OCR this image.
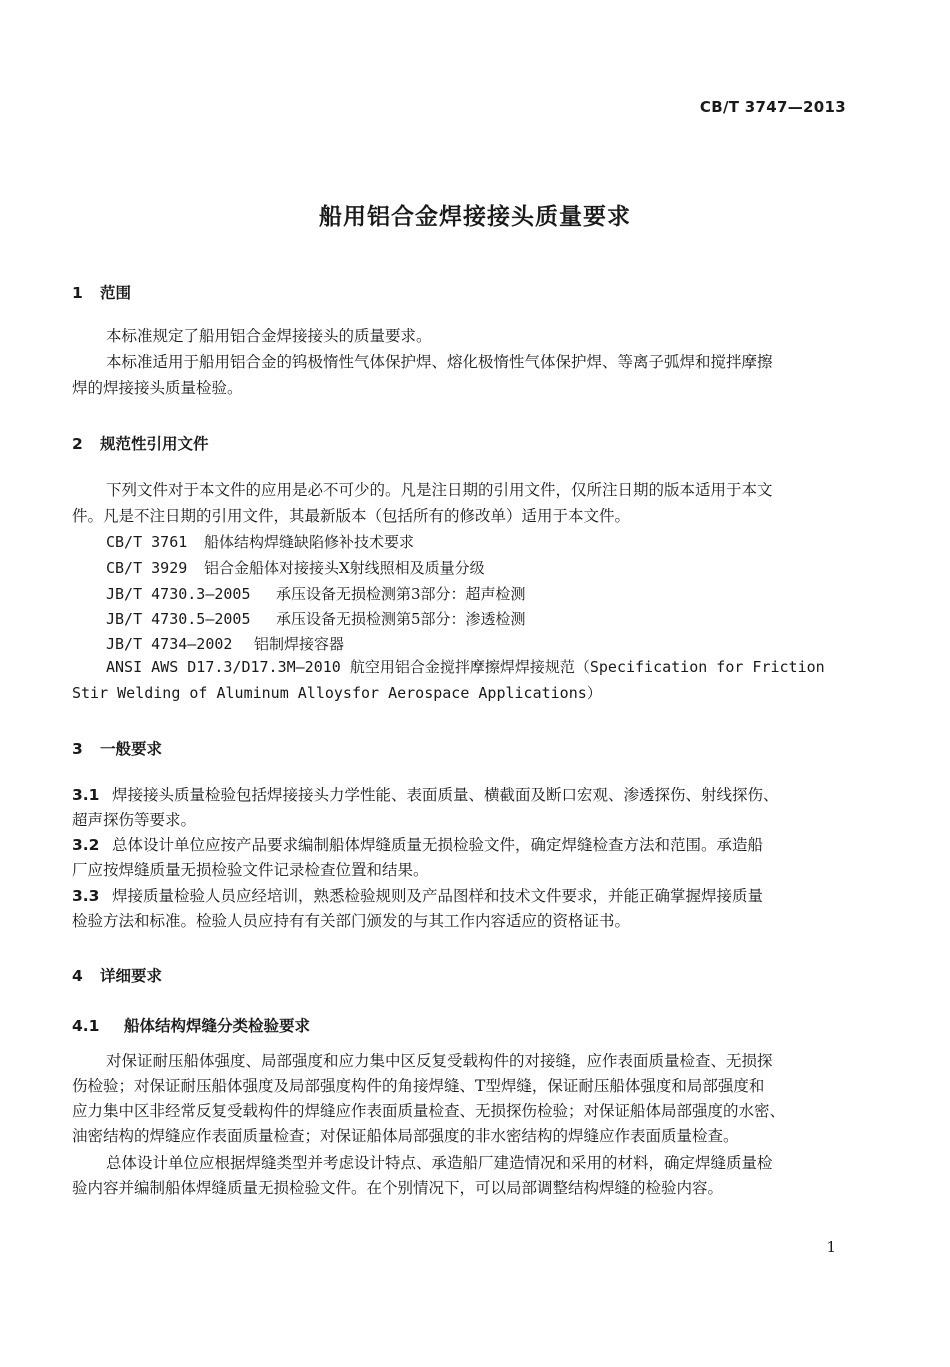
CB/T 3747—2013
船用铝合金焊接接头质量要求
1 范围
本标准规定了船用铝合金焊接接头的质量要求。
本标准适用于船用铝合金的钨极惰性气体保护焊、熔化极惰性气体保护焊、等离子弧焊和搅拌摩擦
焊的焊接接头质量检验。
2 规范性引用文件
下列文件对于本文件的应用是必不可少的。凡是注日期的引用文件，仅所注日期的版本适用于本文
件。凡是不注日期的引用文件，其最新版本（包括所有的修改单）适用于本文件。
CB/T 3761 船体结构焊缝缺陷修补技术要求
CB/T 3929 铝合金船体对接接头X射线照相及质量分级
JB/T 4730.3—2005 承压设备无损检测第3部分：超声检测
JB/T 4730.5—2005 承压设备无损检测第5部分：渗透检测
JB/T 4734—2002 铝制焊接容器
ANSI AWS D17.3/D17.3M—2010 航空用铝合金搅拌摩擦焊焊接规范（Specification for Friction
Stir Welding of Aluminum Alloysfor Aerospace Applications）
3 一般要求
3.1 焊接接头质量检验包括焊接接头力学性能、表面质量、横截面及断口宏观、渗透探伤、射线探伤、
超声探伤等要求。
3.2 总体设计单位应按产品要求编制船体焊缝质量无损检验文件，确定焊缝检查方法和范围。承造船
厂应按焊缝质量无损检验文件记录检查位置和结果。
3.3 焊接质量检验人员应经培训，熟悉检验规则及产品图样和技术文件要求，并能正确掌握焊接质量
检验方法和标准。检验人员应持有有关部门颁发的与其工作内容适应的资格证书。
4 详细要求
4.1 船体结构焊缝分类检验要求
对保证耐压船体强度、局部强度和应力集中区反复受载构件的对接缝，应作表面质量检查、无损探
伤检验；对保证耐压船体强度及局部强度构件的角接焊缝、T型焊缝，保证耐压船体强度和局部强度和
应力集中区非经常反复受载构件的焊缝应作表面质量检查、无损探伤检验；对保证船体局部强度的水密、
油密结构的焊缝应作表面质量检查；对保证船体局部强度的非水密结构的焊缝应作表面质量检查。
总体设计单位应根据焊缝类型并考虑设计特点、承造船厂建造情况和采用的材料，确定焊缝质量检
验内容并编制船体焊缝质量无损检验文件。在个别情况下，可以局部调整结构焊缝的检验内容。
1
